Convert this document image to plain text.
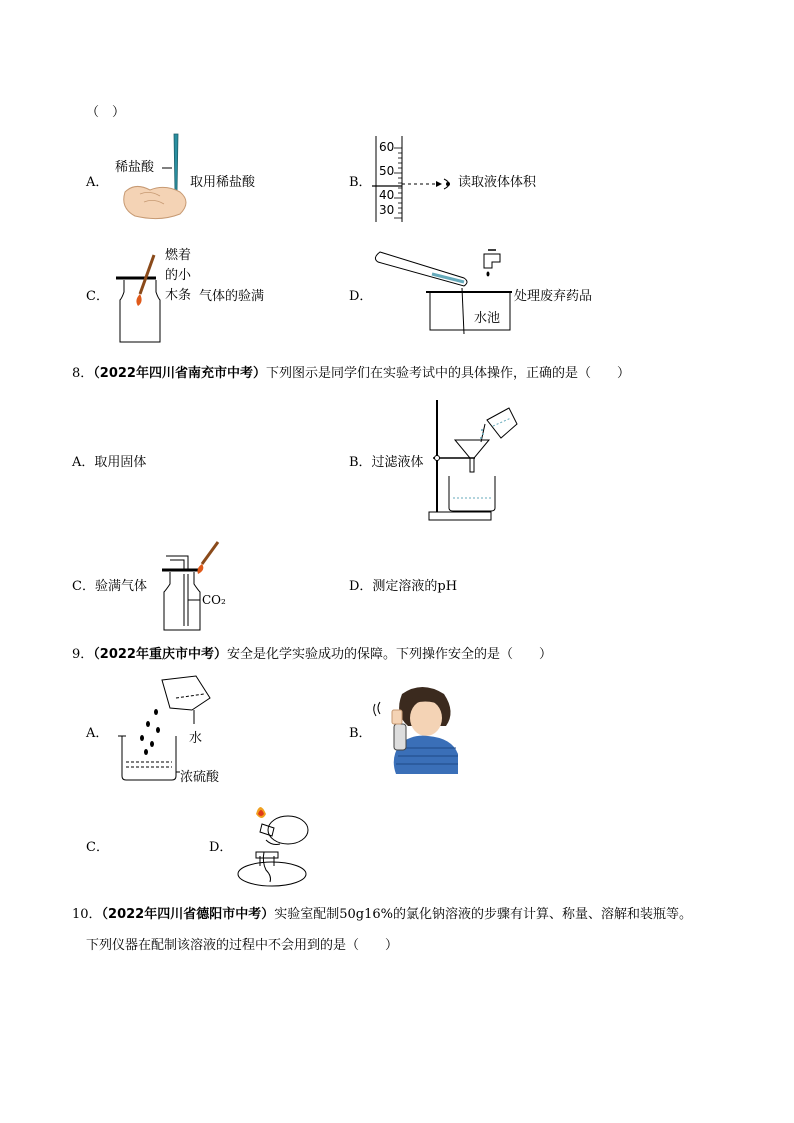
（　）
A．
稀盐酸
取用稀盐酸	B．
60
50
40
30
读取液体体积
C．
燃着
的小
木条 气体的验满	D．
水池
处理废弃药品
8．（2022年四川省南充市中考）下列图示是同学们在实验考试中的具体操作，正确的是（　　）
A．取用固体	B．过滤液体
C．验满气体
CO₂
D．测定溶液的pH
9．（2022年重庆市中考）安全是化学实验成功的保障。下列操作安全的是（　　）
A．	水
浓硫酸
B．
C．	D．
10．（2022年四川省德阳市中考）实验室配制50g16%的氯化钠溶液的步骤有计算、称量、溶解和装瓶等。
下列仪器在配制该溶液的过程中不会用到的是（　　）
